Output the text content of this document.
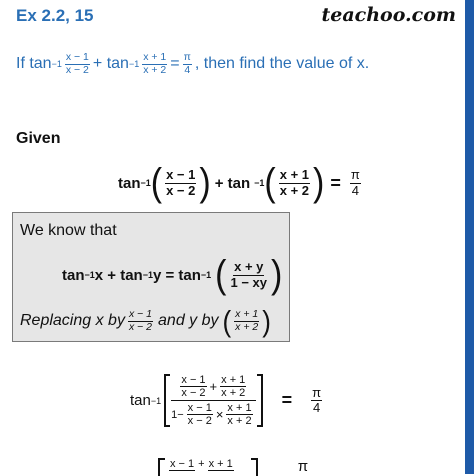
Ex 2.2, 15	teachoo.com
If $\tan -1 \frac{x - 1}{x - 2} + \tan -1 \frac{x + 1}{x + 2} = \frac{\pi}{4}$ , then find the value of x.
Given
tan −1 ( $\frac{x - 1}{x - 2}$ ) + tan −1 ( $\frac{x + 1}{x + 2}$ ) = $\frac{\pi}{4}$
We know that
tan −1 x + tan −1 y = tan −1 ( $\frac{x + y}{1 - xy}$ )
Replacing x by $\frac{x - 1}{x - 2}$ and y by ( $\frac{x + 1}{x + 2}$ )
tan −1
$\frac{x - 1}{x - 2} + \frac{x + 1}{x + 2}$
$1- \frac{x - 1}{x - 2} \times \frac{x + 1}{x + 2}$
= $\frac{\pi}{4}$
x − 1 + x + 1	π
